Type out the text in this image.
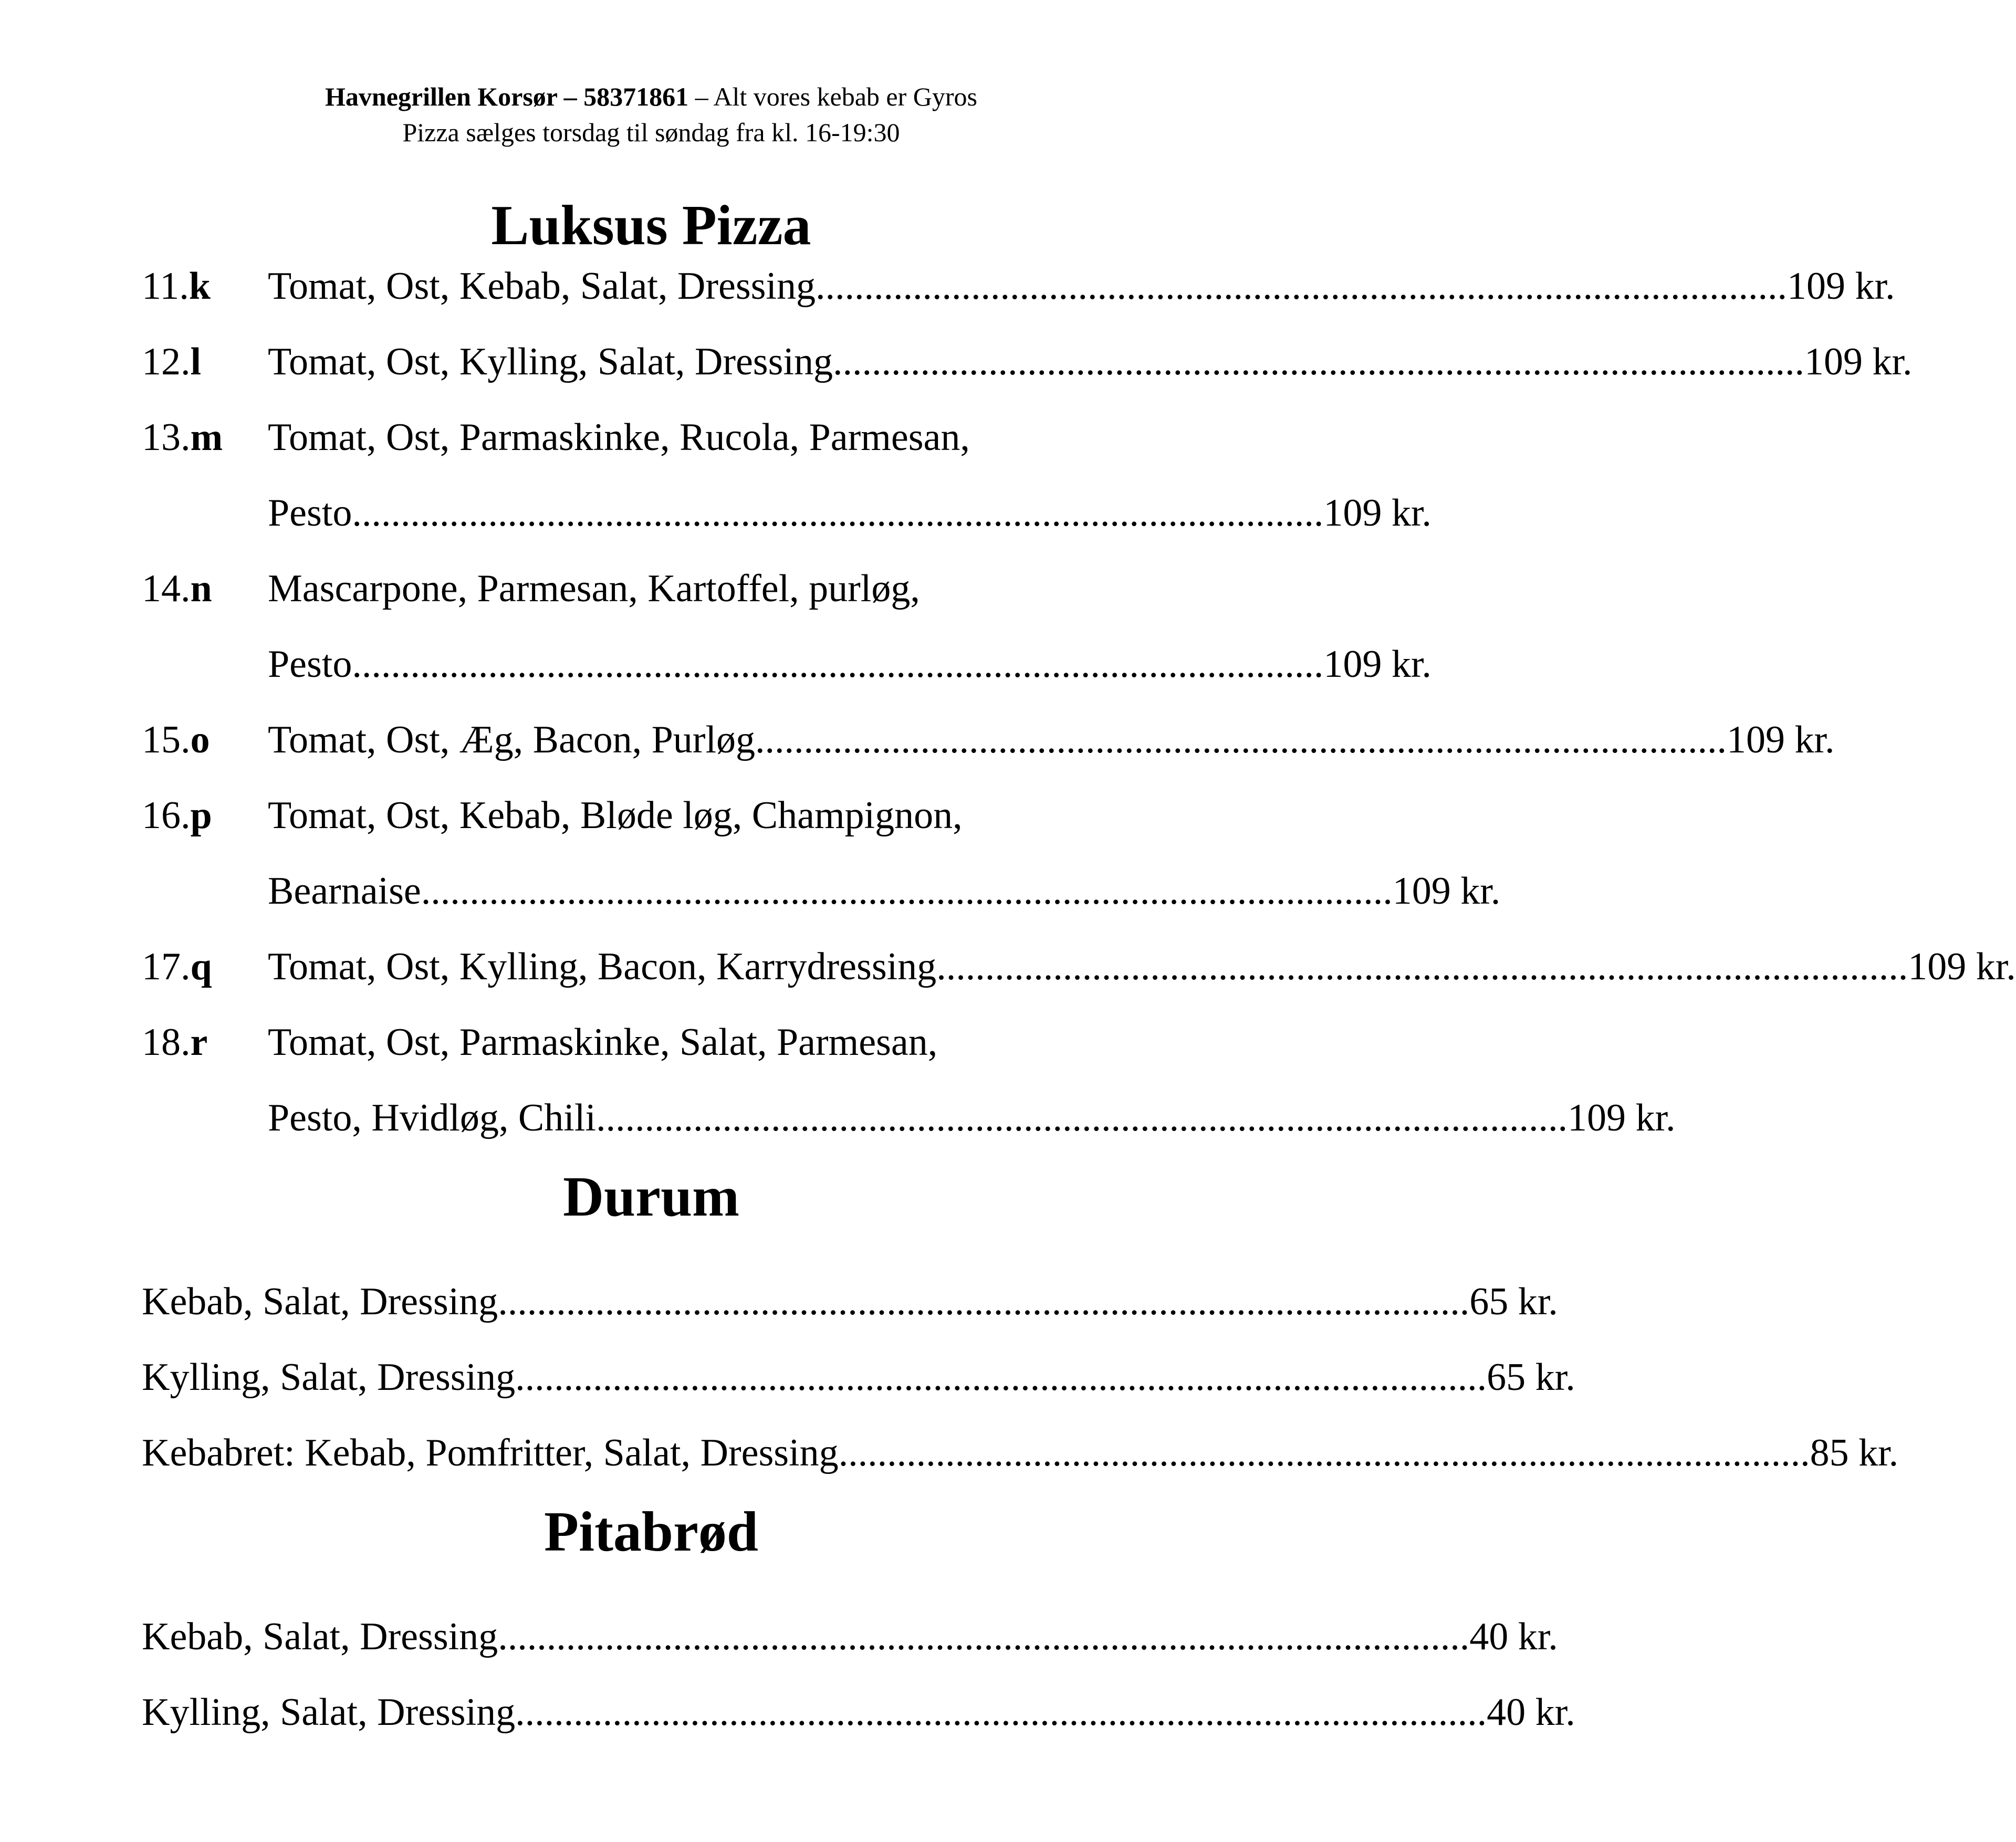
Havnegrillen Korsør – 58371861 – Alt vores kebab er Gyros
Pizza sælges torsdag til søndag fra kl. 16-19:30
Luksus Pizza
11.k Tomat, Ost, Kebab, Salat, Dressing .................................................................................................... 109 kr.
12.l Tomat, Ost, Kylling, Salat, Dressing .................................................................................................... 109 kr.
13.m Tomat, Ost, Parmaskinke, Rucola, Parmesan,
Pesto .................................................................................................... 109 kr.
14.n Mascarpone, Parmesan, Kartoffel, purløg,
Pesto .................................................................................................... 109 kr.
15.o Tomat, Ost, Æg, Bacon, Purløg .................................................................................................... 109 kr.
16.p Tomat, Ost, Kebab, Bløde løg, Champignon,
Bearnaise .................................................................................................... 109 kr.
17.q Tomat, Ost, Kylling, Bacon, Karrydressing .................................................................................................... 109 kr.
18.r Tomat, Ost, Parmaskinke, Salat, Parmesan,
Pesto, Hvidløg, Chili .................................................................................................... 109 kr.
Durum
Kebab, Salat, Dressing .................................................................................................... 65 kr.
Kylling, Salat, Dressing .................................................................................................... 65 kr.
Kebabret: Kebab, Pomfritter, Salat, Dressing .................................................................................................... 85 kr.
Pitabrød
Kebab, Salat, Dressing .................................................................................................... 40 kr.
Kylling, Salat, Dressing .................................................................................................... 40 kr.
